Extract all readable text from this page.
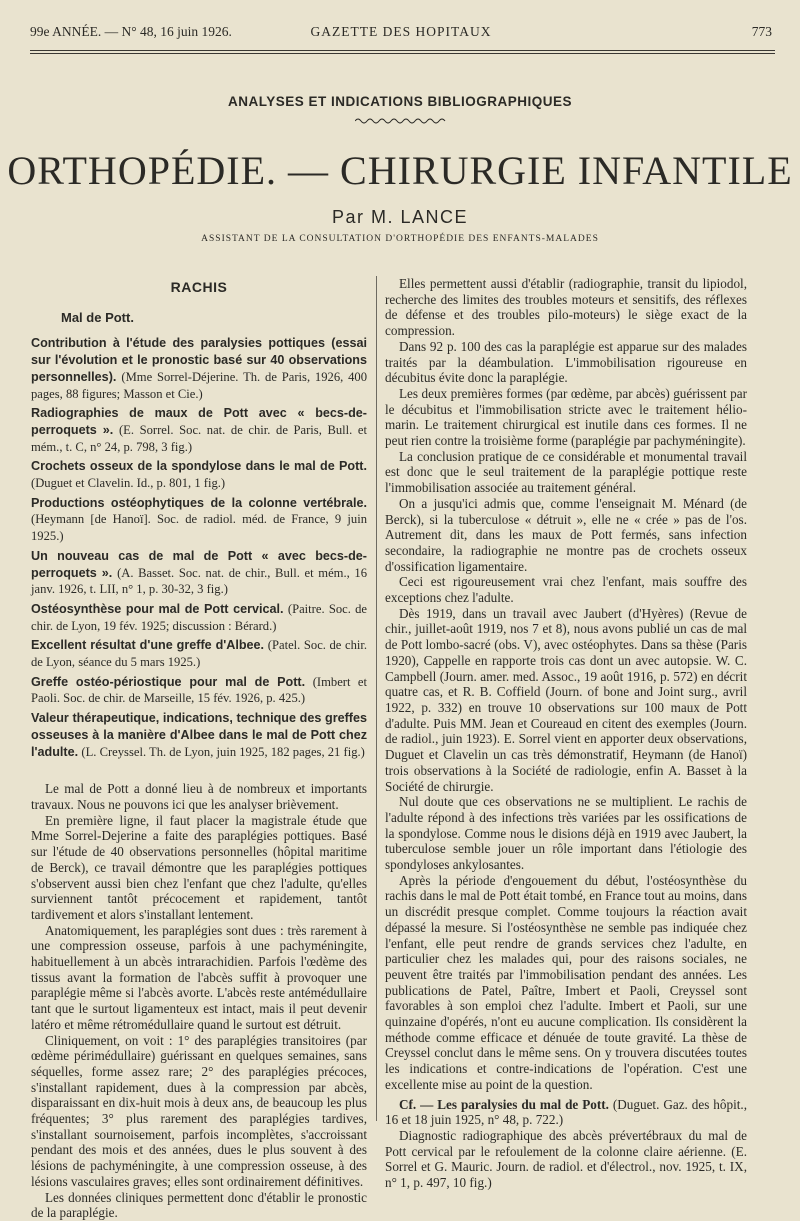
99e ANNÉE. — N° 48, 16 juin 1926.	GAZETTE DES HOPITAUX	773
ANALYSES ET INDICATIONS BIBLIOGRAPHIQUES
ORTHOPÉDIE. — CHIRURGIE INFANTILE
Par M. LANCE
ASSISTANT DE LA CONSULTATION D'ORTHOPÉDIE DES ENFANTS-MALADES
RACHIS
Mal de Pott.
Contribution à l'étude des paralysies pottiques (essai sur l'évolution et le pronostic basé sur 40 observations personnelles). (Mme Sorrel-Déjerine. Th. de Paris, 1926, 400 pages, 88 figures; Masson et Cie.)
Radiographies de maux de Pott avec « becs-de-perroquets ». (E. Sorrel. Soc. nat. de chir. de Paris, Bull. et mém., t. C, n° 24, p. 798, 3 fig.)
Crochets osseux de la spondylose dans le mal de Pott. (Duguet et Clavelin. Id., p. 801, 1 fig.)
Productions ostéophytiques de la colonne vertébrale. (Heymann [de Hanoï]. Soc. de radiol. méd. de France, 9 juin 1925.)
Un nouveau cas de mal de Pott « avec becs-de-perroquets ». (A. Basset. Soc. nat. de chir., Bull. et mém., 16 janv. 1926, t. LII, n° 1, p. 30-32, 3 fig.)
Ostéosynthèse pour mal de Pott cervical. (Paitre. Soc. de chir. de Lyon, 19 fév. 1925; discussion : Bérard.)
Excellent résultat d'une greffe d'Albee. (Patel. Soc. de chir. de Lyon, séance du 5 mars 1925.)
Greffe ostéo-périostique pour mal de Pott. (Imbert et Paoli. Soc. de chir. de Marseille, 15 fév. 1926, p. 425.)
Valeur thérapeutique, indications, technique des greffes osseuses à la manière d'Albee dans le mal de Pott chez l'adulte. (L. Creyssel. Th. de Lyon, juin 1925, 182 pages, 21 fig.)

Le mal de Pott a donné lieu à de nombreux et importants travaux. Nous ne pouvons ici que les analyser brièvement.

En première ligne, il faut placer la magistrale étude que Mme Sorrel-Dejerine a faite des paraplégies pottiques. Basé sur l'étude de 40 observations personnelles (hôpital maritime de Berck), ce travail démontre que les paraplégies pottiques s'observent aussi bien chez l'enfant que chez l'adulte, qu'elles surviennent tantôt précocement et rapidement, tantôt tardivement et alors s'installant lentement.

Anatomiquement, les paraplégies sont dues : très rarement à une compression osseuse, parfois à une pachyméningite, habituellement à un abcès intrarachidien. Parfois l'œdème des tissus avant la formation de l'abcès suffit à provoquer une paraplégie même si l'abcès avorte. L'abcès reste antémédullaire tant que le surtout ligamenteux est intact, mais il peut devenir latéro et même rétromédullaire quand le surtout est détruit.

Cliniquement, on voit : 1° des paraplégies transitoires (par œdème périmédullaire) guérissant en quelques semaines, sans séquelles, forme assez rare; 2° des paraplégies précoces, s'installant rapidement, dues à la compression par abcès, disparaissant en dix-huit mois à deux ans, de beaucoup les plus fréquentes; 3° plus rarement des paraplégies tardives, s'installant sournoisement, parfois incomplètes, s'accroissant pendant des mois et des années, dues le plus souvent à des lésions de pachyméningite, à une compression osseuse, à des lésions vasculaires graves; elles sont ordinairement définitives.

Les données cliniques permettent donc d'établir le pronostic de la paraplégie.

Elles permettent aussi d'établir (radiographie, transit du lipiodol, recherche des limites des troubles moteurs et sensitifs, des réflexes de défense et des troubles pilo-moteurs) le siège exact de la compression.

Dans 92 p. 100 des cas la paraplégie est apparue sur des malades traités par la déambulation. L'immobilisation rigoureuse en décubitus évite donc la paraplégie.

Les deux premières formes (par œdème, par abcès) guérissent par le décubitus et l'immobilisation stricte avec le traitement hélio-marin. Le traitement chirurgical est inutile dans ces formes. Il ne peut rien contre la troisième forme (paraplégie par pachyméningite).

La conclusion pratique de ce considérable et monumental travail est donc que le seul traitement de la paraplégie pottique reste l'immobilisation associée au traitement général.

On a jusqu'ici admis que, comme l'enseignait M. Ménard (de Berck), si la tuberculose « détruit », elle ne « crée » pas de l'os. Autrement dit, dans les maux de Pott fermés, sans infection secondaire, la radiographie ne montre pas de crochets osseux d'ossification ligamentaire.

Ceci est rigoureusement vrai chez l'enfant, mais souffre des exceptions chez l'adulte.

Dès 1919, dans un travail avec Jaubert (d'Hyères) (Revue de chir., juillet-août 1919, nos 7 et 8), nous avons publié un cas de mal de Pott lombo-sacré (obs. V), avec ostéophytes. Dans sa thèse (Paris 1920), Cappelle en rapporte trois cas dont un avec autopsie. W. C. Campbell (Journ. amer. med. Assoc., 19 août 1916, p. 572) en décrit quatre cas, et R. B. Coffield (Journ. of bone and Joint surg., avril 1922, p. 332) en trouve 10 observations sur 100 maux de Pott d'adulte. Puis MM. Jean et Coureaud en citent des exemples (Journ. de radiol., juin 1923). E. Sorrel vient en apporter deux observations, Duguet et Clavelin un cas très démonstratif, Heymann (de Hanoï) trois observations à la Société de radiologie, enfin A. Basset à la Société de chirurgie.

Nul doute que ces observations ne se multiplient. Le rachis de l'adulte répond à des infections très variées par les ossifications de la spondylose. Comme nous le disions déjà en 1919 avec Jaubert, la tuberculose semble jouer un rôle important dans l'étiologie des spondyloses ankylosantes.

Après la période d'engouement du début, l'ostéosynthèse du rachis dans le mal de Pott était tombé, en France tout au moins, dans un discrédit presque complet. Comme toujours la réaction avait dépassé la mesure. Si l'ostéosynthèse ne semble pas indiquée chez l'enfant, elle peut rendre de grands services chez l'adulte, en particulier chez les malades qui, pour des raisons sociales, ne peuvent être traités par l'immobilisation pendant des années. Les publications de Patel, Paître, Imbert et Paoli, Creyssel sont favorables à son emploi chez l'adulte. Imbert et Paoli, sur une quinzaine d'opérés, n'ont eu aucune complication. Ils considèrent la méthode comme efficace et dénuée de toute gravité. La thèse de Creyssel conclut dans le même sens. On y trouvera discutées toutes les indications et contre-indications de l'opération. C'est une excellente mise au point de la question.

Cf. — Les paralysies du mal de Pott. (Duguet. Gaz. des hôpit., 16 et 18 juin 1925, n° 48, p. 722.)

Diagnostic radiographique des abcès prévertébraux du mal de Pott cervical par le refoulement de la colonne claire aérienne. (E. Sorrel et G. Mauric. Journ. de radiol. et d'électrol., nov. 1925, t. IX, n° 1, p. 497, 10 fig.)
